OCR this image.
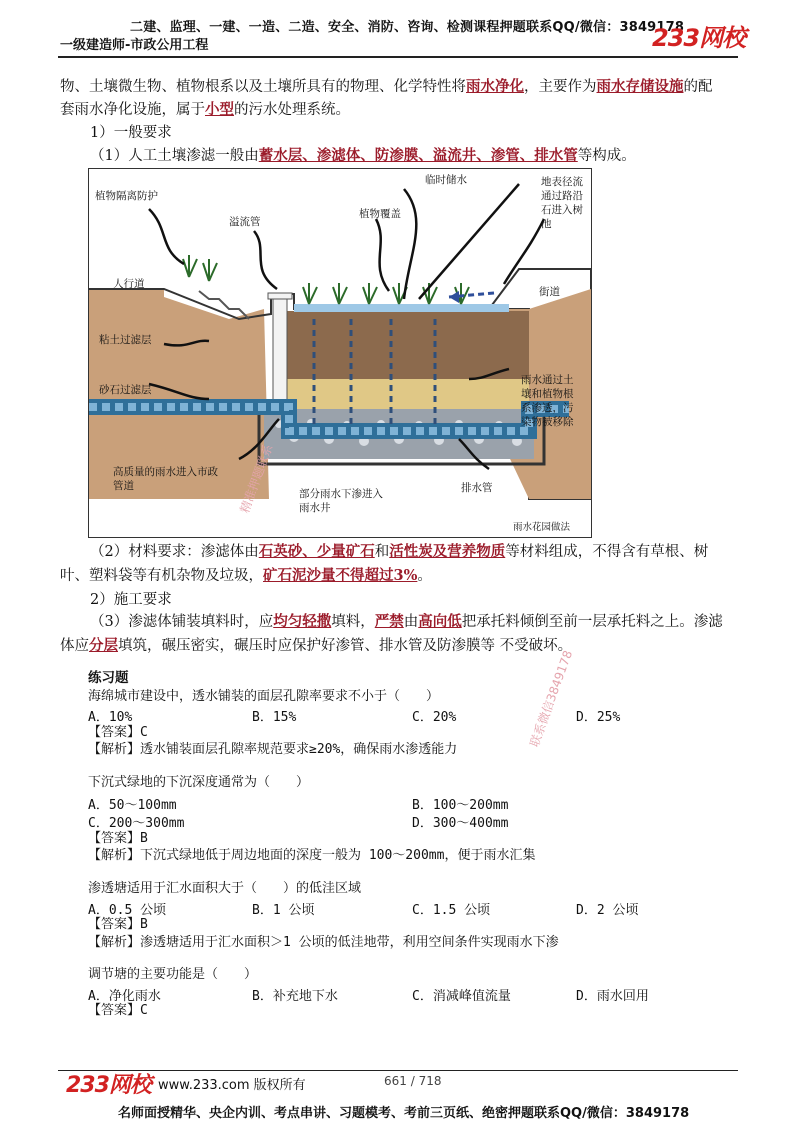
二建、监理、一建、一造、二造、安全、消防、咨询、检测课程押题联系QQ/微信：3849178
一级建造师-市政公用工程	233网校
物、土壤微生物、植物根系以及土壤所具有的物理、化学特性将雨水净化，主要作为雨水存储设施的配
套雨水净化设施，属于小型的污水处理系统。
1）一般要求
（1）人工土壤渗滤一般由蓄水层、渗滤体、防渗膜、溢流井、渗管、排水管等构成。
植物隔离防护
溢流管
植物覆盖
临时储水	地表径流通过路沿石进入树池
人行道
街道
粘土过滤层
砂石过滤层
雨水通过土壤和植物根系渗透，污染物被移除
高质量的雨水进入市政管道
部分雨水下渗进入雨水井
排水管
雨水花园做法
（2）材料要求：渗滤体由石英砂、少量矿石和活性炭及营养物质等材料组成，不得含有草根、树
叶、塑料袋等有机杂物及垃圾，矿石泥沙量不得超过3%。
2）施工要求
（3）渗滤体铺装填料时，应均匀轻撒填料，严禁由高向低把承托料倾倒至前一层承托料之上。渗滤
体应分层填筑，碾压密实，碾压时应保护好渗管、排水管及防渗膜等 不受破坏。
练习题
海绵城市建设中，透水铺装的面层孔隙率要求不小于（　　）
A．10%	B．15%	C．20%	D．25%
【答案】C
【解析】透水铺装面层孔隙率规范要求≥20%，确保雨水渗透能力
下沉式绿地的下沉深度通常为（　　）
A．50～100mm	B．100～200mm
C．200～300mm	D．300～400mm
【答案】B
【解析】下沉式绿地低于周边地面的深度一般为 100～200mm，便于雨水汇集
渗透塘适用于汇水面积大于（　　）的低洼区域
A．0.5 公顷	B．1 公顷	C．1.5 公顷	D．2 公顷
【答案】B
【解析】渗透塘适用于汇水面积＞1 公顷的低洼地带，利用空间条件实现雨水下渗
调节塘的主要功能是（　　）
A．净化雨水	B．补充地下水	C．消减峰值流量	D．雨水回用
【答案】C
精准押题联系
联系微信3849178
233网校 www.233.com 版权所有	661 / 718
名师面授精华、央企内训、考点串讲、习题模考、考前三页纸、绝密押题联系QQ/微信：3849178
